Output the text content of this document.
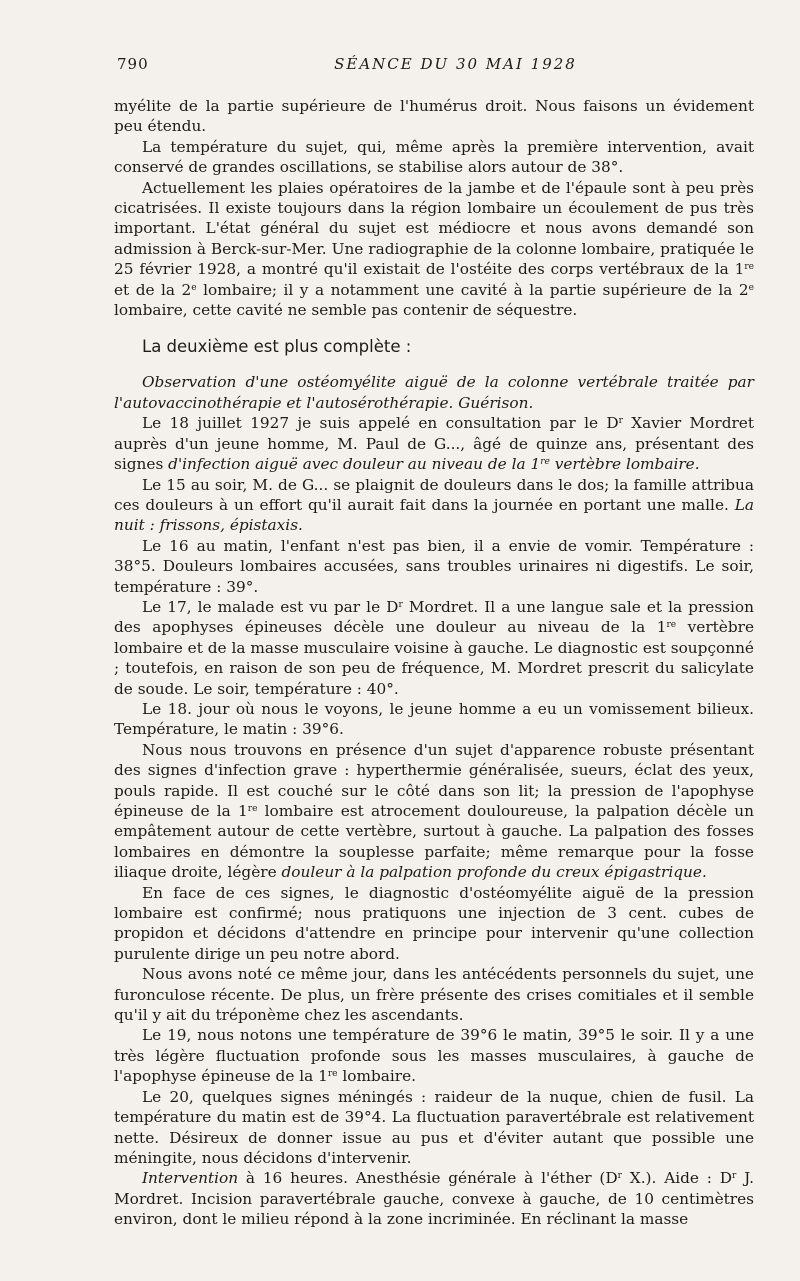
790	SÉANCE DU 30 MAI 1928

myélite de la partie supérieure de l'humérus droit. Nous faisons un évidement peu étendu.

La température du sujet, qui, même après la première intervention, avait conservé de grandes oscillations, se stabilise alors autour de 38°.

Actuellement les plaies opératoires de la jambe et de l'épaule sont à peu près cicatrisées. Il existe toujours dans la région lombaire un écoulement de pus très important. L'état général du sujet est médiocre et nous avons demandé son admission à Berck-sur-Mer. Une radiographie de la colonne lombaire, pratiquée le 25 février 1928, a montré qu'il existait de l'ostéite des corps vertébraux de la 1re et de la 2e lombaire; il y a notamment une cavité à la partie supérieure de la 2e lombaire, cette cavité ne semble pas contenir de séquestre.

La deuxième est plus complète :

Observation d'une ostéomyélite aiguë de la colonne vertébrale traitée par l'autovaccinothérapie et l'autosérothérapie. Guérison.

Le 18 juillet 1927 je suis appelé en consultation par le $D^r$ Xavier Mordret auprès d'un jeune homme, M. Paul de G..., âgé de quinze ans, présentant des signes d'infection aiguë avec douleur au niveau de la 1re vertèbre lombaire.

Le 15 au soir, M. de G... se plaignit de douleurs dans le dos; la famille attribua ces douleurs à un effort qu'il aurait fait dans la journée en portant une malle. La nuit : frissons, épistaxis.

Le 16 au matin, l'enfant n'est pas bien, il a envie de vomir. Température : 38°5. Douleurs lombaires accusées, sans troubles urinaires ni digestifs. Le soir, température : 39°.

Le 17, le malade est vu par le $D^r$ Mordret. Il a une langue sale et la pression des apophyses épineuses décèle une douleur au niveau de la 1re vertèbre lombaire et de la masse musculaire voisine à gauche. Le diagnostic est soupçonné ; toutefois, en raison de son peu de fréquence, M. Mordret prescrit du salicylate de soude. Le soir, température : 40°.

Le 18. jour où nous le voyons, le jeune homme a eu un vomissement bilieux. Température, le matin : 39°6.

Nous nous trouvons en présence d'un sujet d'apparence robuste présentant des signes d'infection grave : hyperthermie généralisée, sueurs, éclat des yeux, pouls rapide. Il est couché sur le côté dans son lit; la pression de l'apophyse épineuse de la 1re lombaire est atrocement douloureuse, la palpation décèle un empâtement autour de cette vertèbre, surtout à gauche. La palpation des fosses lombaires en démontre la souplesse parfaite; même remarque pour la fosse iliaque droite, légère douleur à la palpation profonde du creux épigastrique.

En face de ces signes, le diagnostic d'ostéomyélite aiguë de la pression lombaire est confirmé; nous pratiquons une injection de 3 cent. cubes de propidon et décidons d'attendre en principe pour intervenir qu'une collection purulente dirige un peu notre abord.

Nous avons noté ce même jour, dans les antécédents personnels du sujet, une furonculose récente. De plus, un frère présente des crises comitiales et il semble qu'il y ait du tréponème chez les ascendants.

Le 19, nous notons une température de 39°6 le matin, 39°5 le soir. Il y a une très légère fluctuation profonde sous les masses musculaires, à gauche de l'apophyse épineuse de la 1re lombaire.

Le 20, quelques signes méningés : raideur de la nuque, chien de fusil. La température du matin est de 39°4. La fluctuation paravertébrale est relativement nette. Désireux de donner issue au pus et d'éviter autant que possible une méningite, nous décidons d'intervenir.

Intervention à 16 heures. Anesthésie générale à l'éther ($D^r$ X.). Aide : $D^r$ J. Mordret. Incision paravertébrale gauche, convexe à gauche, de 10 centimètres environ, dont le milieu répond à la zone incriminée. En réclinant la masse
